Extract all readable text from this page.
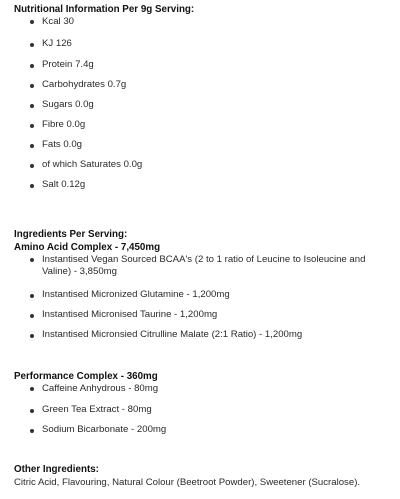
Nutritional Information Per 9g Serving:
Kcal 30
KJ 126
Protein 7.4g
Carbohydrates 0.7g
Sugars 0.0g
Fibre 0.0g
Fats 0.0g
of which Saturates 0.0g
Salt 0.12g
Ingredients Per Serving:
Amino Acid Complex - 7,450mg
Instantised Vegan Sourced BCAA's (2 to 1 ratio of Leucine to Isoleucine and Valine) - 3,850mg
Instantised Micronized Glutamine - 1,200mg
Instantised Micronised Taurine - 1,200mg
Instantised Micronsied Citrulline Malate (2:1 Ratio) - 1,200mg
Performance Complex - 360mg
Caffeine Anhydrous - 80mg
Green Tea Extract - 80mg
Sodium Bicarbonate - 200mg
Other Ingredients:
Citric Acid, Flavouring, Natural Colour (Beetroot Powder), Sweetener (Sucralose).
